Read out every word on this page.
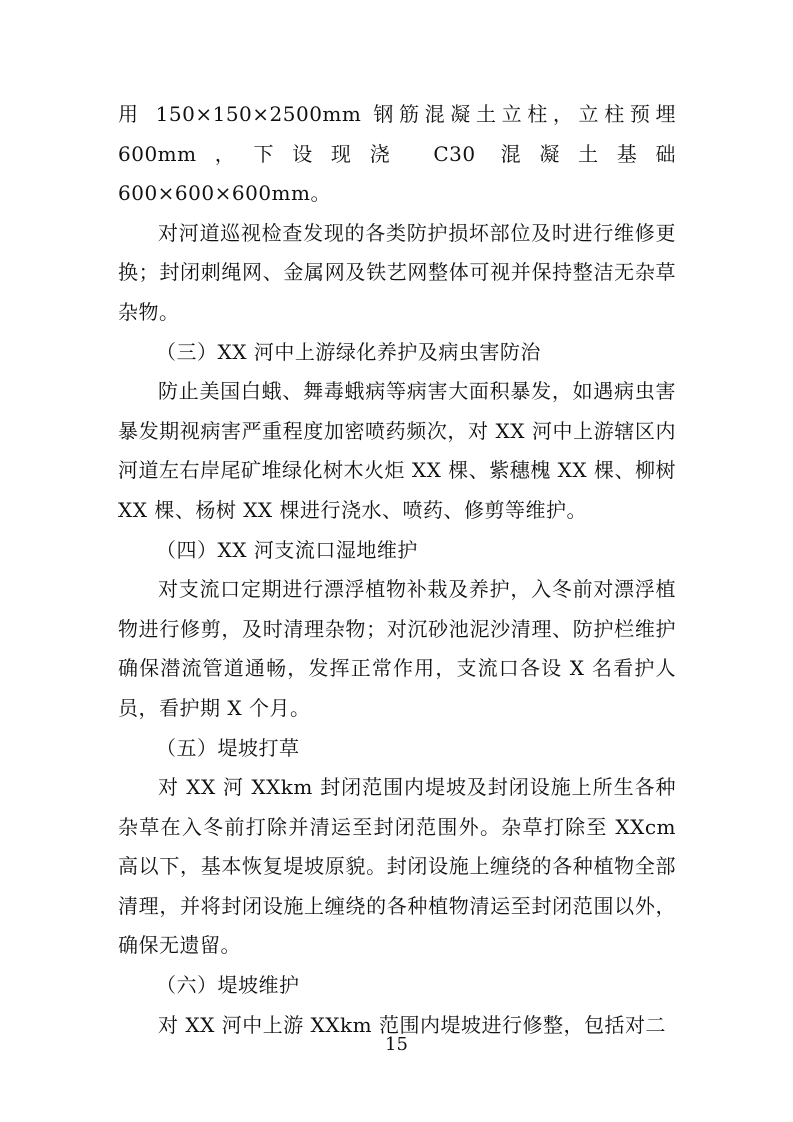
用 150×150×2500mm 钢筋混凝土立柱，立柱预埋 600mm，下设现浇 C30 混凝土基础 600×600×600mm。

对河道巡视检查发现的各类防护损坏部位及时进行维修更换；封闭刺绳网、金属网及铁艺网整体可视并保持整洁无杂草杂物。

（三）XX 河中上游绿化养护及病虫害防治

防止美国白蛾、舞毒蛾病等病害大面积暴发，如遇病虫害暴发期视病害严重程度加密喷药频次，对 XX 河中上游辖区内河道左右岸尾矿堆绿化树木火炬 XX 棵、紫穗槐 XX 棵、柳树 XX 棵、杨树 XX 棵进行浇水、喷药、修剪等维护。

（四）XX 河支流口湿地维护

对支流口定期进行漂浮植物补栽及养护，入冬前对漂浮植物进行修剪，及时清理杂物；对沉砂池泥沙清理、防护栏维护确保潜流管道通畅，发挥正常作用，支流口各设 X 名看护人员，看护期 X 个月。

（五）堤坡打草

对 XX 河 XXkm 封闭范围内堤坡及封闭设施上所生各种杂草在入冬前打除并清运至封闭范围外。杂草打除至 XXcm 高以下，基本恢复堤坡原貌。封闭设施上缠绕的各种植物全部清理，并将封闭设施上缠绕的各种植物清运至封闭范围以外，确保无遗留。

（六）堤坡维护

对 XX 河中上游 XXkm 范围内堤坡进行修整，包括对二

15
